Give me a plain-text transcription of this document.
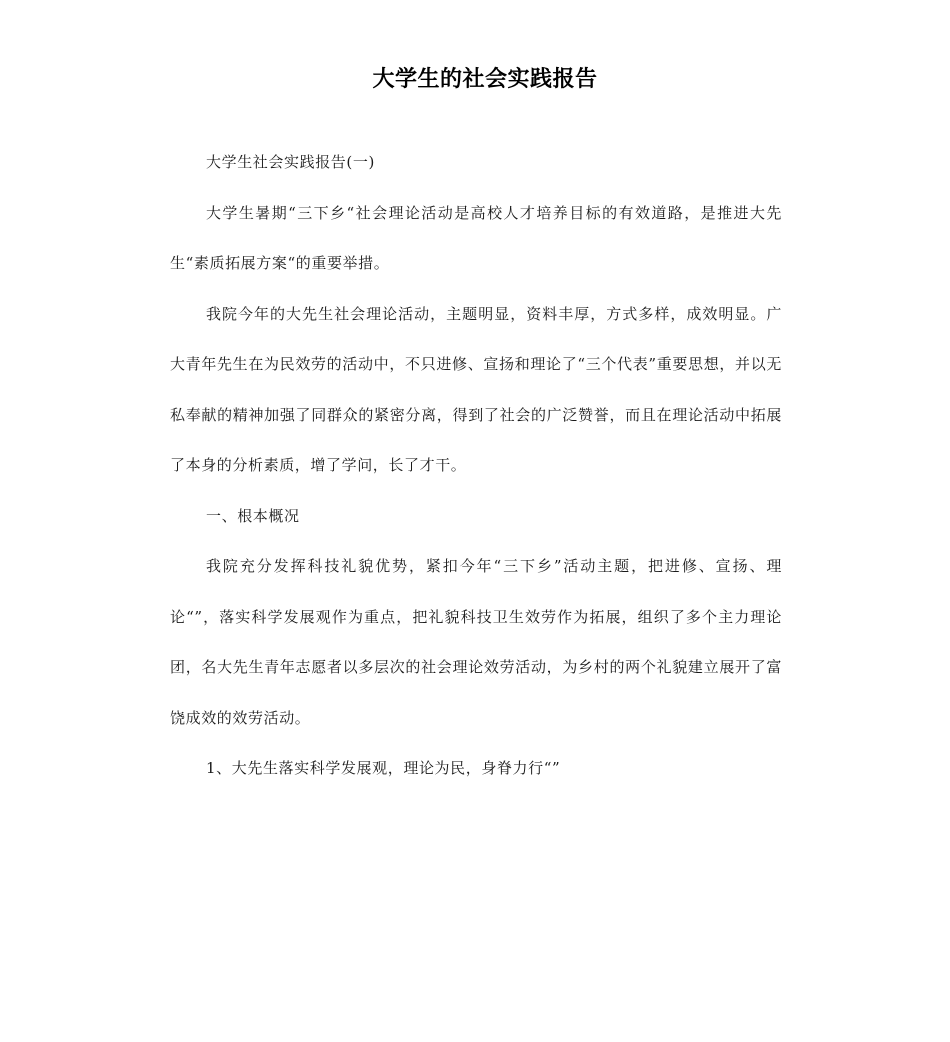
大学生的社会实践报告

大学生社会实践报告(一)

大学生暑期“三下乡“社会理论活动是高校人才培养目标的有效道路，是推进大先生“素质拓展方案“的重要举措。

我院今年的大先生社会理论活动，主题明显，资料丰厚，方式多样，成效明显。广大青年先生在为民效劳的活动中，不只进修、宣扬和理论了“三个代表”重要思想，并以无私奉献的精神加强了同群众的紧密分离，得到了社会的广泛赞誉，而且在理论活动中拓展了本身的分析素质，增了学问，长了才干。

一、根本概况

我院充分发挥科技礼貌优势，紧扣今年“三下乡”活动主题，把进修、宣扬、理论“”，落实科学发展观作为重点，把礼貌科技卫生效劳作为拓展，组织了多个主力理论团，名大先生青年志愿者以多层次的社会理论效劳活动，为乡村的两个礼貌建立展开了富饶成效的效劳活动。

1、大先生落实科学发展观，理论为民，身脊力行“”
